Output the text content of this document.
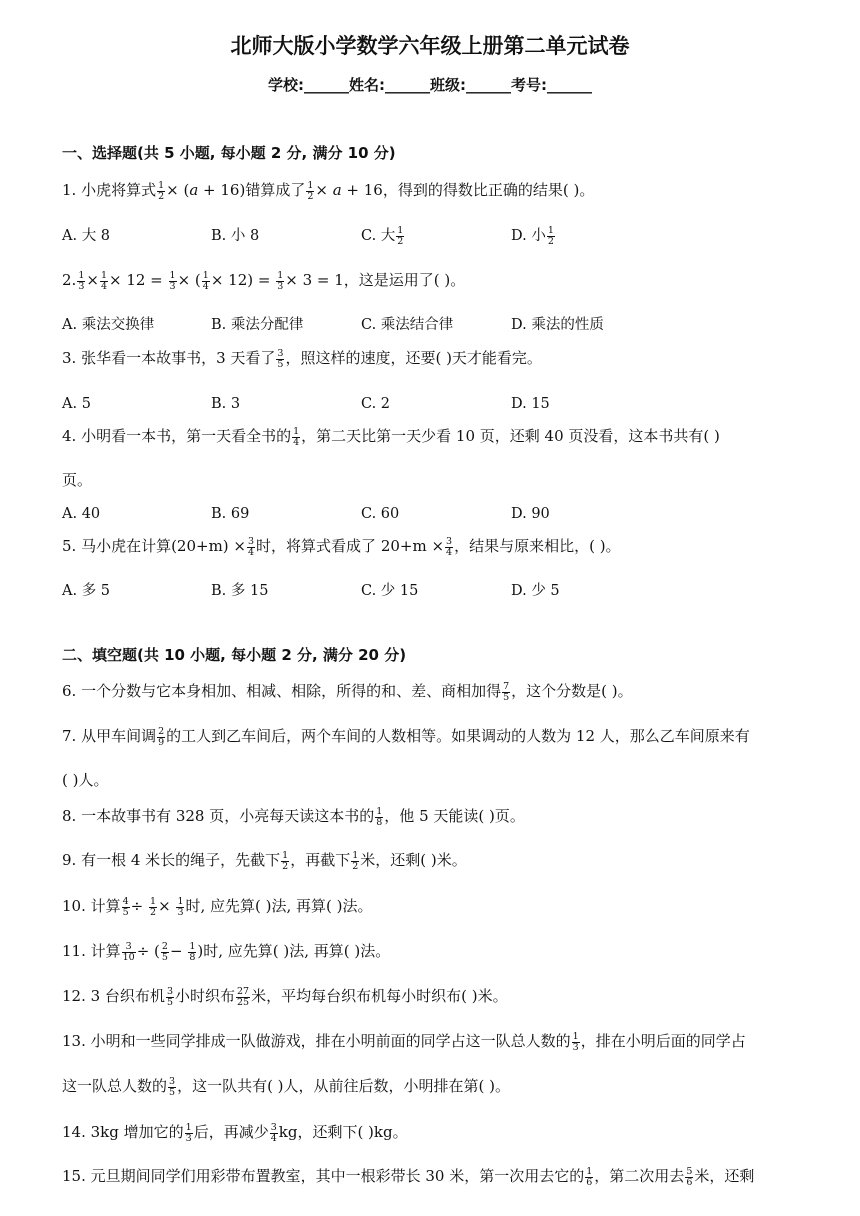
北师大版小学数学六年级上册第二单元试卷
学校:______姓名:______班级:______考号:______
一、选择题(共 5 小题, 每小题 2 分, 满分 10 分)
1. 小虎将算式 $\frac{1}{2}$ × (𝑎 + 16)错算成了 $\frac{1}{2}$ × 𝑎 + 16，得到的得数比正确的结果( )。
A. 大 8	B. 小 8	C. 大 $\frac{1}{2}$	D. 小 $\frac{1}{2}$
2. $\frac{1}{3} \times \frac{1}{4} \times 12 = \frac{1}{3}$ × ( $\frac{1}{4} \times 12) = \frac{1}{3} \times 3 = 1$，这是运用了( )。
A. 乘法交换律	B. 乘法分配律	C. 乘法结合律	D. 乘法的性质
3. 张华看一本故事书，3 天看了 $\frac{3}{5}$ ，照这样的速度，还要( )天才能看完。
A. 5	B. 3	C. 2	D. 15
4. 小明看一本书，第一天看全书的 $\frac{1}{4}$ ，第二天比第一天少看 10 页，还剩 40 页没看，这本书共有( )
页。
A. 40	B. 69	C. 60	D. 90
5. 马小虎在计算$(20+m) \times \frac{3}{4}$ 时，将算式看成了 $20+m \times \frac{3}{4}$ ，结果与原来相比，( )。
A. 多 5	B. 多 15	C. 少 15	D. 少 5
二、填空题(共 10 小题, 每小题 2 分, 满分 20 分)
6. 一个分数与它本身相加、相减、相除，所得的和、差、商相加得 $\frac{7}{5}$ ，这个分数是( )。
7. 从甲车间调 $\frac{2}{9}$ 的工人到乙车间后，两个车间的人数相等。如果调动的人数为 12 人，那么乙车间原来有
( )人。
8. 一本故事书有 328 页，小亮每天读这本书的 $\frac{1}{8}$ ，他 5 天能读( )页。
9. 有一根 4 米长的绳子，先截下 $\frac{1}{2}$ ，再截下 $\frac{1}{2}$ 米，还剩( )米。
10. 计算 $\frac{4}{5} \div \frac{1}{2} \times \frac{1}{3}$ 时, 应先算( )法, 再算( )法。
11. 计算 $\frac{3}{10}$ ÷ ( $\frac{2}{5} - \frac{1}{8}$ )时, 应先算( )法, 再算( )法。
12. 3 台织布机 $\frac{3}{5}$ 小时织布 $\frac{27}{25}$ 米，平均每台织布机每小时织布( )米。
13. 小明和一些同学排成一队做游戏，排在小明前面的同学占这一队总人数的 $\frac{1}{3}$ ，排在小明后面的同学占
这一队总人数的 $\frac{3}{5}$ ，这一队共有( )人，从前往后数，小明排在第( )。
14. 3kg 增加它的 $\frac{1}{3}$ 后，再减少 $\frac{3}{4}$ kg，还剩下( )kg。
15. 元旦期间同学们用彩带布置教室，其中一根彩带长 30 米，第一次用去它的 $\frac{1}{6}$ ，第二次用去 $\frac{5}{6}$ 米，还剩
